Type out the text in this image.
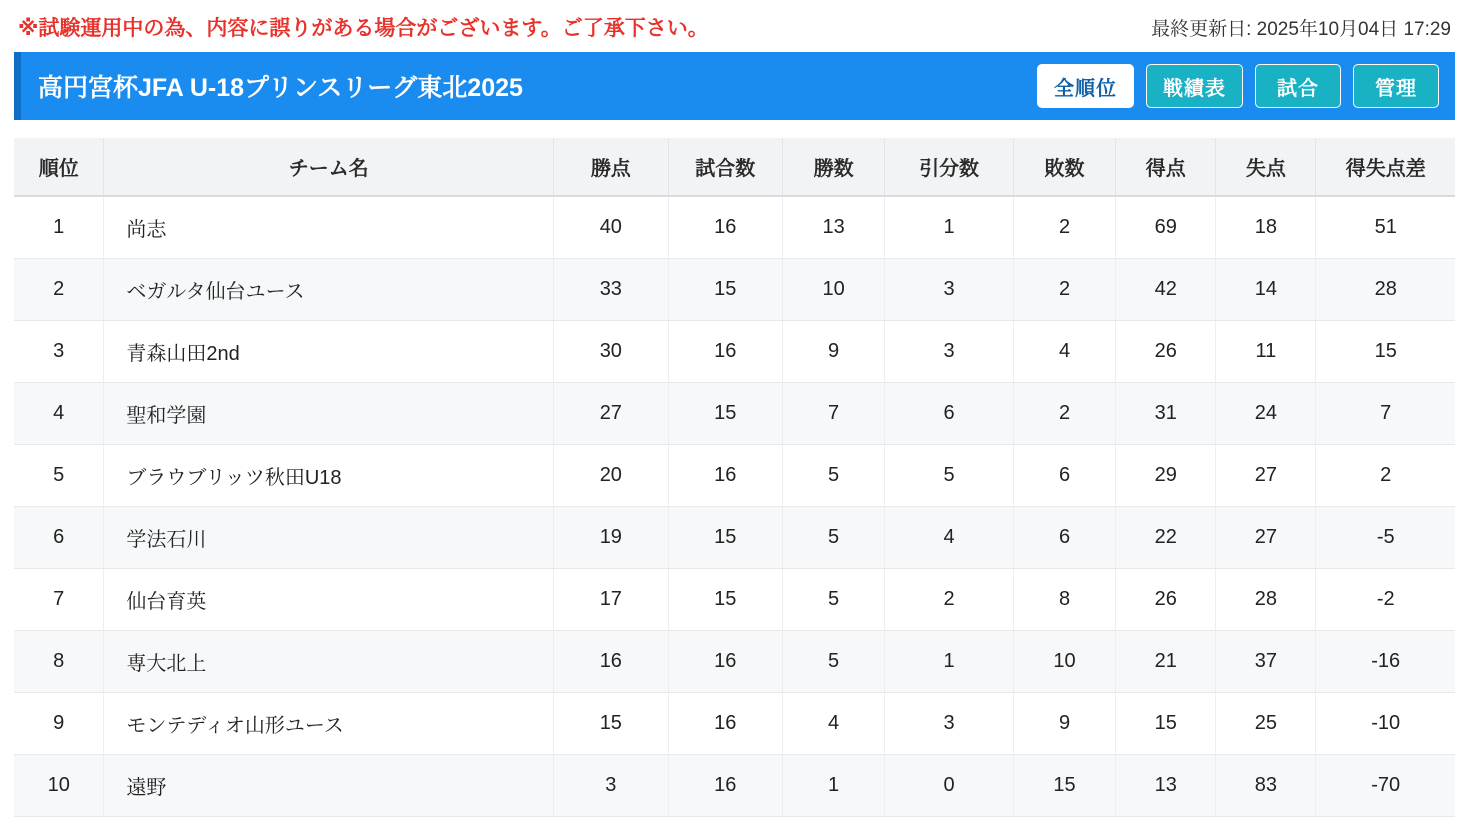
※試験運用中の為、内容に誤りがある場合がございます。ご了承下さい。	最終更新日: 2025年10月04日 17:29
高円宮杯JFA U-18プリンスリーグ東北2025	全順位	戦績表	試合	管理
順位	チーム名	勝点	試合数	勝数	引分数	敗数	得点	失点	得失点差
1	尚志	40	16	13	1	2	69	18	51
2	ベガルタ仙台ユース	33	15	10	3	2	42	14	28
3	青森山田2nd	30	16	9	3	4	26	11	15
4	聖和学園	27	15	7	6	2	31	24	7
5	ブラウブリッツ秋田U18	20	16	5	5	6	29	27	2
6	学法石川	19	15	5	4	6	22	27	-5
7	仙台育英	17	15	5	2	8	26	28	-2
8	専大北上	16	16	5	1	10	21	37	-16
9	モンテディオ山形ユース	15	16	4	3	9	15	25	-10
10	遠野	3	16	1	0	15	13	83	-70
